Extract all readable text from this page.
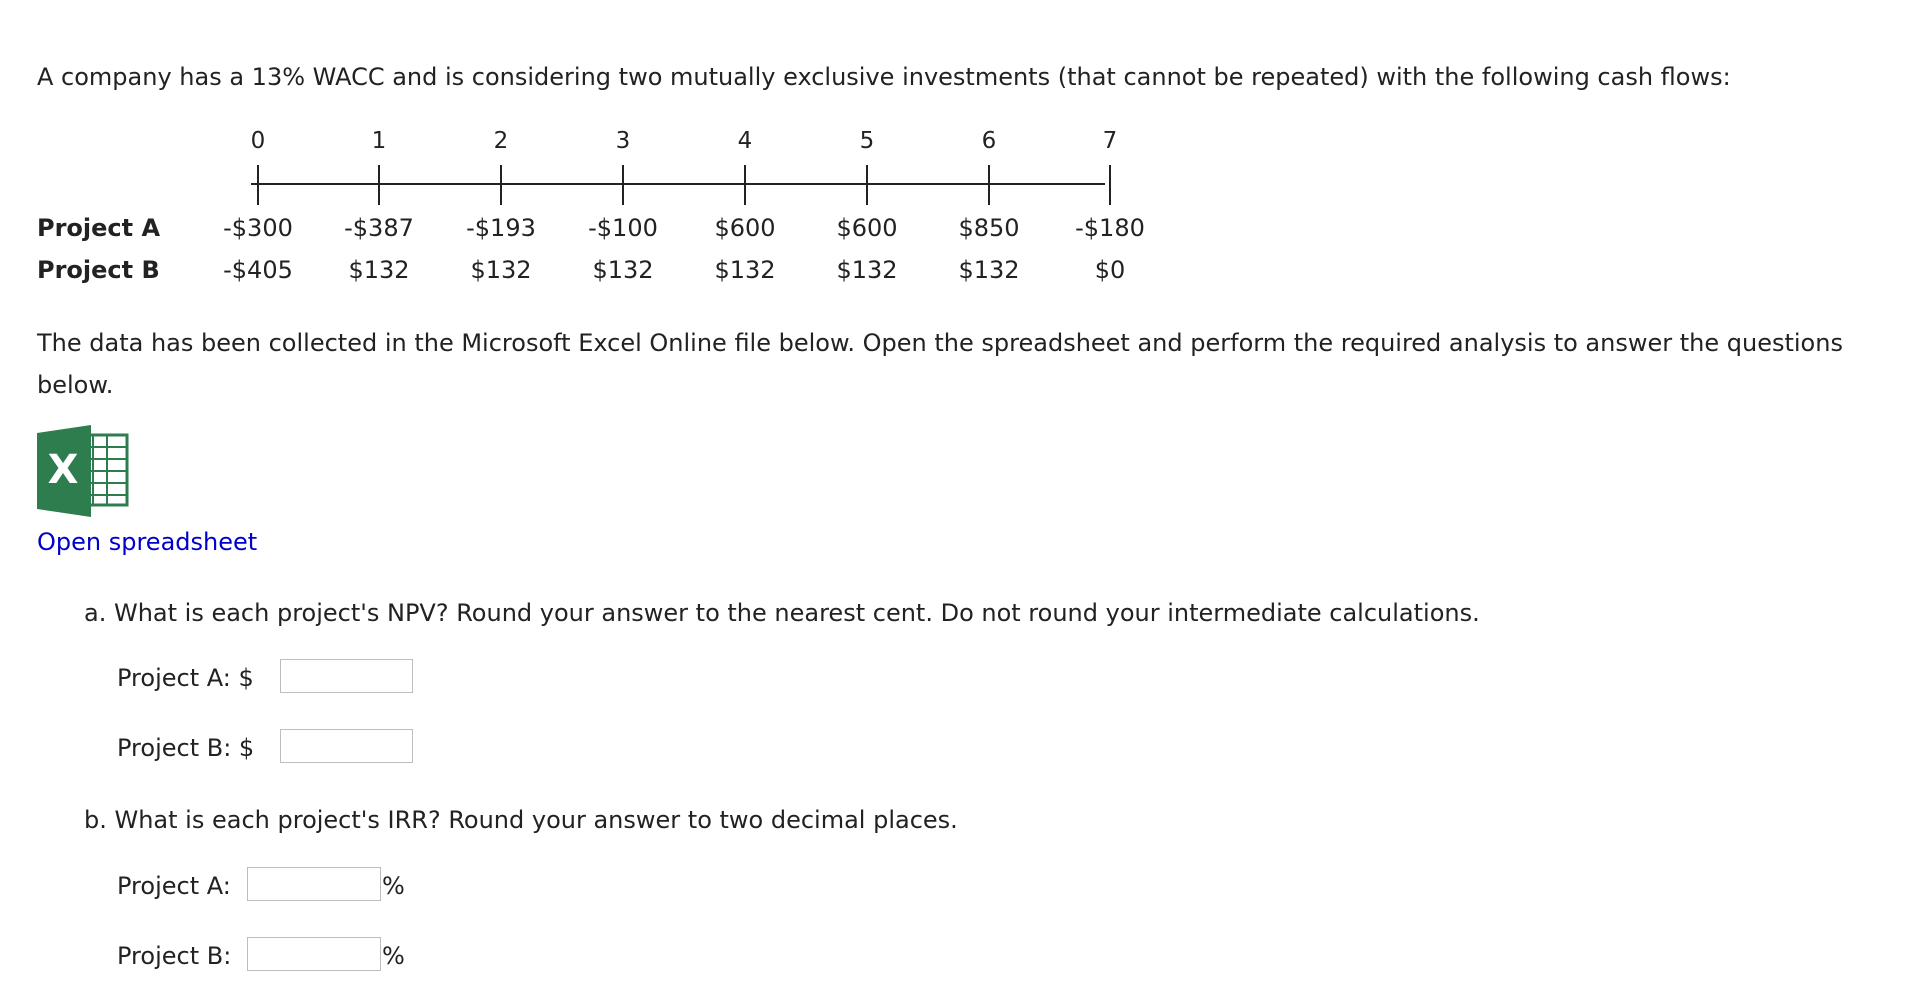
A company has a 13% WACC and is considering two mutually exclusive investments (that cannot be repeated) with the following cash flows:
0	1	2	3	4	5	6	7
Project A	-$300	-$387	-$193	-$100	$600	$600	$850	-$180
Project B	-$405	$132	$132	$132	$132	$132	$132	$0
The data has been collected in the Microsoft Excel Online file below. Open the spreadsheet and perform the required analysis to answer the questions below.
X
Open spreadsheet
a. What is each project's NPV? Round your answer to the nearest cent. Do not round your intermediate calculations.
Project A: $
Project B: $
b. What is each project's IRR? Round your answer to two decimal places.
Project A:	%
Project B:	%
